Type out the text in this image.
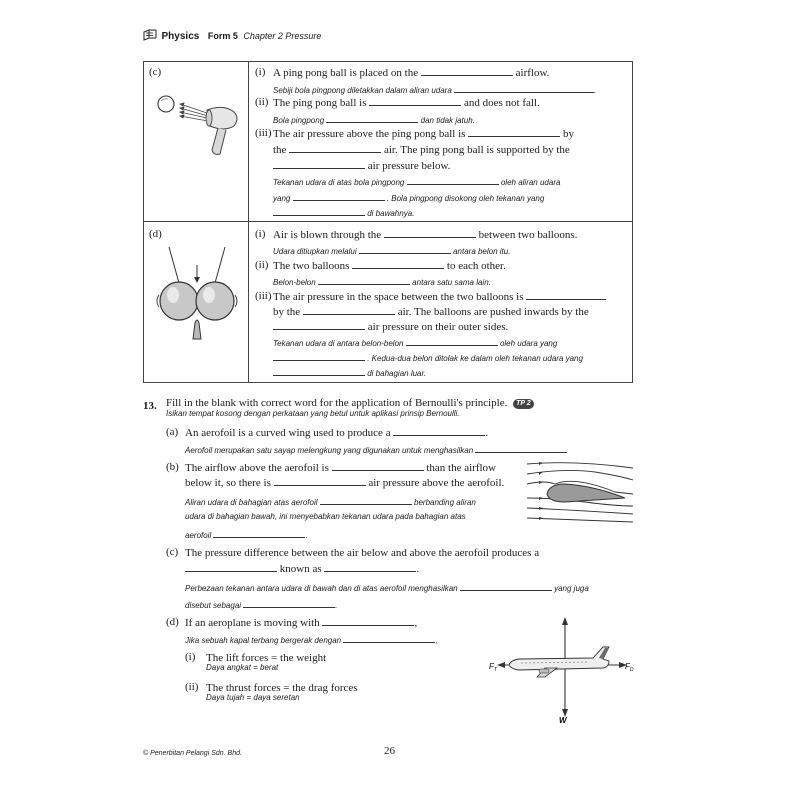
Physics Form 5 Chapter 2 Pressure
(c)	(i) A ping pong ball is placed on the	airflow.
Sebiji bola pingpong diletakkan dalam aliran udara	.
(ii) The ping pong ball is	and does not fall.
Bola pingpong	dan tidak jatuh.
(iii) The air pressure above the ping pong ball is	by
the	air. The ping pong ball is supported by the
air pressure below.
Tekanan udara di atas bola pingpong	oleh aliran udara
yang	. Bola pingpong disokong oleh tekanan yang
di bawahnya.
(d)	(i) Air is blown through the	between two balloons.
Udara ditiupkan melalui	antara belon itu.
(ii) The two balloons	to each other.
Belon-belon	antara satu sama lain.
(iii) The air pressure in the space between the two balloons is
by the	air. The balloons are pushed inwards by the
air pressure on their outer sides.
Tekanan udara di antara belon-belon	oleh udara yang
. Kedua-dua belon ditolak ke dalam oleh tekanan udara yang
di bahagian luar.
13. Fill in the blank with correct word for the application of Bernoulli's principle. TP 2
Isikan tempat kosong dengan perkataan yang betul untuk aplikasi prinsip Bernoulli.
(a) An aerofoil is a curved wing used to produce a	.
Aerofoil merupakan satu sayap melengkung yang digunakan untuk menghasilkan
(b) The airflow above the aerofoil is	than the airflow
below it, so there is	air pressure above the aerofoil.
Aliran udara di bahagian atas aerofoil	berbanding aliran
udara di bahagian bawah, ini menyebabkan tekanan udara pada bahagian atas
aerofoil	.
(c) The pressure difference between the air below and above the aerofoil produces a
known as	.
Perbezaan tekanan antara udara di bawah dan di atas aerofoil menghasilkan	yang juga
disebut sebagai	.
(d) If an aeroplane is moving with	,
Jika sebuah kapal terbang bergerak dengan	,
(i) The lift forces = the weight
Daya angkat = berat
(ii) The thrust forces = the drag forces
Daya tujah = daya seretan
$F_T$	$F_D$
W
© Penerbitan Pelangi Sdn. Bhd.	26
